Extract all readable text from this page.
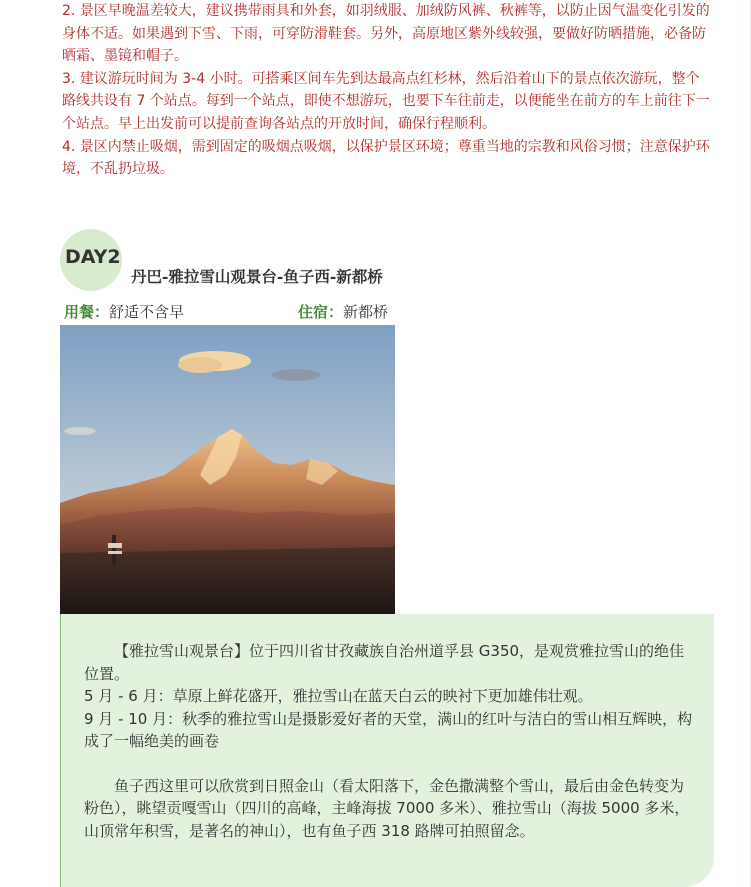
2. 景区早晚温差较大，建议携带雨具和外套，如羽绒服、加绒防风裤、秋裤等，以防止因气温变化引发的身体不适。如果遇到下雪、下雨，可穿防滑鞋套。另外，高原地区紫外线较强，要做好防晒措施，必备防晒霜、墨镜和帽子。

3. 建议游玩时间为 3-4 小时。可搭乘区间车先到达最高点红杉林，然后沿着山下的景点依次游玩，整个路线共设有 7 个站点。每到一个站点，即使不想游玩，也要下车往前走，以便能坐在前方的车上前往下一个站点。早上出发前可以提前查询各站点的开放时间，确保行程顺利。

4. 景区内禁止吸烟，需到固定的吸烟点吸烟，以保护景区环境；尊重当地的宗教和风俗习惯；注意保护环境，不乱扔垃圾。

DAY2
丹巴-雅拉雪山观景台-鱼子西-新都桥
用餐：舒适不含早	住宿：新都桥

【雅拉雪山观景台】位于四川省甘孜藏族自治州道孚县 G350，是观赏雅拉雪山的绝佳位置。

5 月 - 6 月：草原上鲜花盛开，雅拉雪山在蓝天白云的映衬下更加雄伟壮观。

9 月 - 10 月：秋季的雅拉雪山是摄影爱好者的天堂，满山的红叶与洁白的雪山相互辉映，构成了一幅绝美的画卷

鱼子西这里可以欣赏到日照金山（看太阳落下，金色撒满整个雪山，最后由金色转变为粉色），眺望贡嘎雪山（四川的高峰，主峰海拔 7000 多米）、雅拉雪山（海拔 5000 多米，山顶常年积雪，是著名的神山），也有鱼子西 318 路牌可拍照留念。
